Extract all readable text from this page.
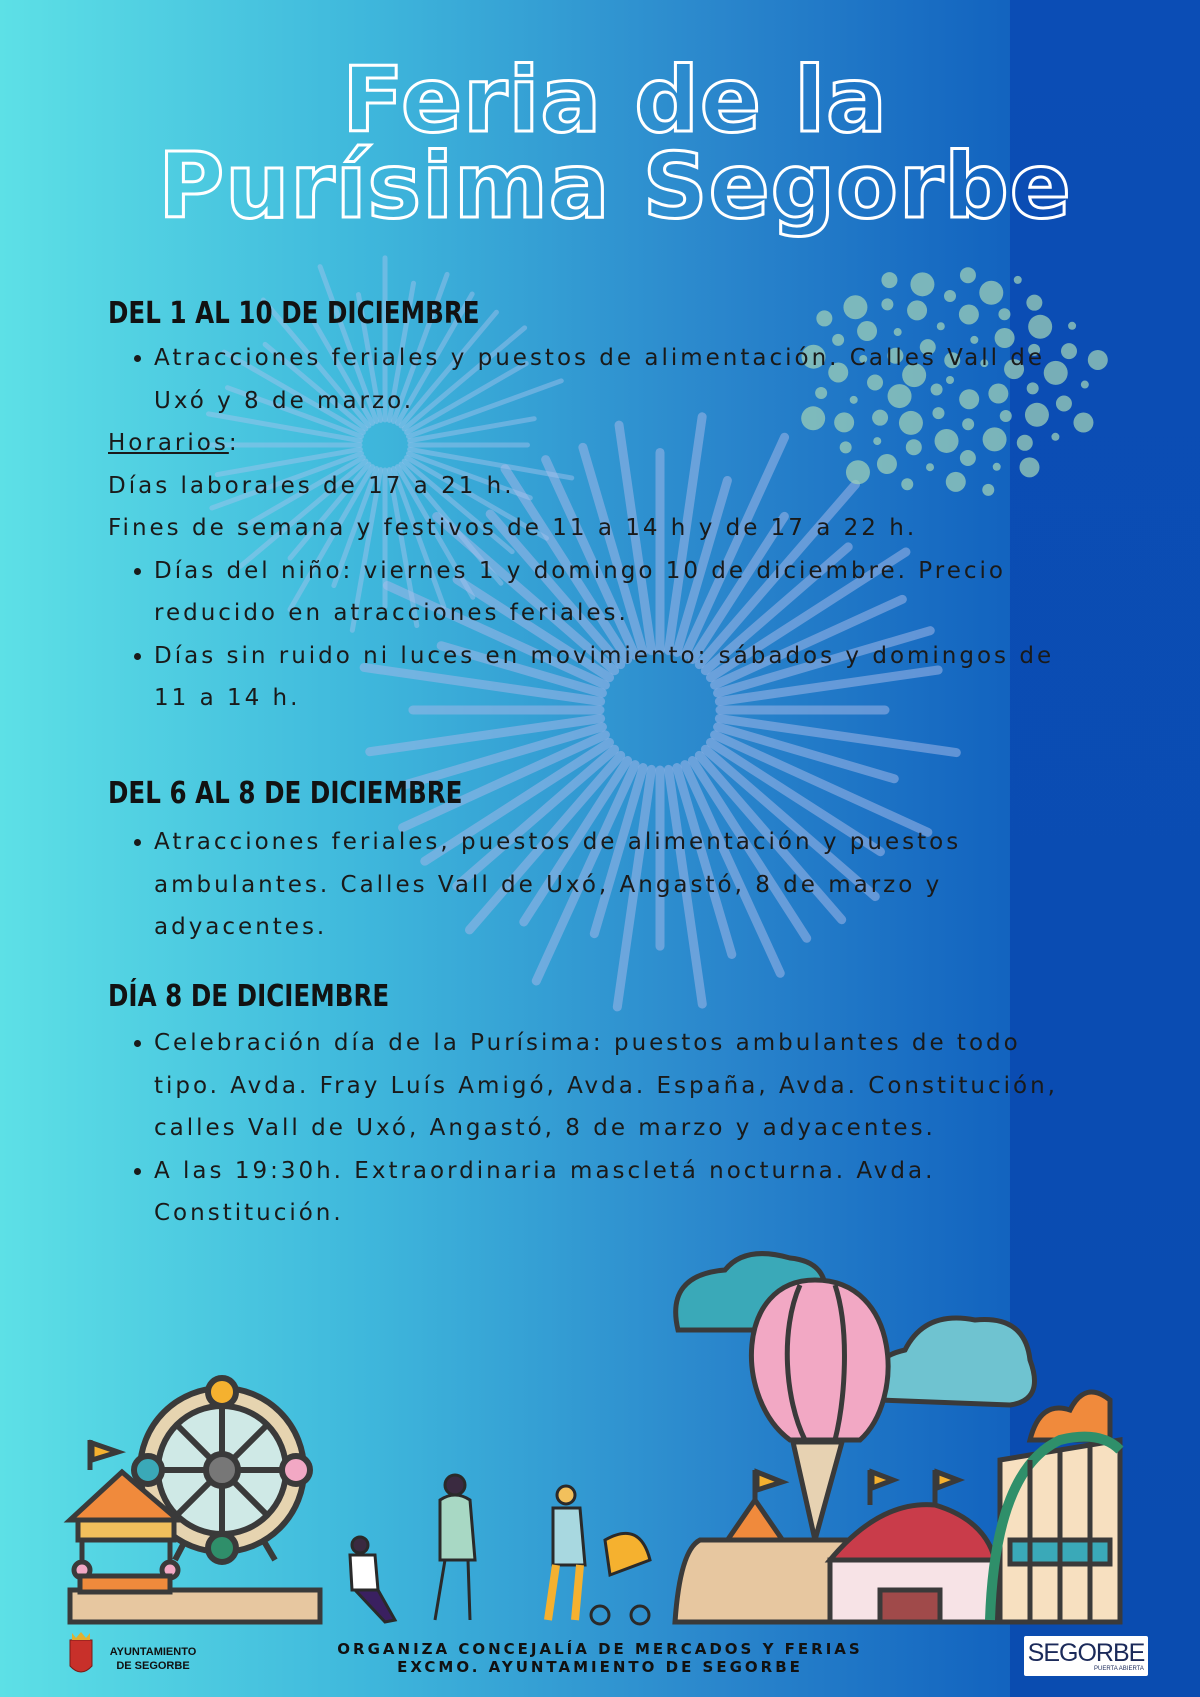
Feria de la
Purísima Segorbe
DEL 1 AL 10 DE DICIEMBRE
• Atracciones feriales y puestos de alimentación. Calles Vall de Uxó y 8 de marzo.

Horarios:

Días laborales de 17 a 21 h.

Fines de semana y festivos de 11 a 14 h y de 17 a 22 h.

• Días del niño: viernes 1 y domingo 10 de diciembre. Precio reducido en atracciones feriales.
• Días sin ruido ni luces en movimiento: sábados y domingos de 11 a 14 h.
DEL 6 AL 8 DE DICIEMBRE
• Atracciones feriales, puestos de alimentación y puestos ambulantes. Calles Vall de Uxó, Angastó, 8 de marzo y adyacentes.
DÍA 8 DE DICIEMBRE
• Celebración día de la Purísima: puestos ambulantes de todo tipo. Avda. Fray Luís Amigó, Avda. España, Avda. Constitución, calles Vall de Uxó, Angastó, 8 de marzo y adyacentes.
• A las 19:30h. Extraordinaria mascletá nocturna. Avda. Constitución.
AYUNTAMIENTO
DE SEGORBE
ORGANIZA CONCEJALÍA DE MERCADOS Y FERIAS
EXCMO. AYUNTAMIENTO DE SEGORBE	SEGORBE
PUERTA ABIERTA
